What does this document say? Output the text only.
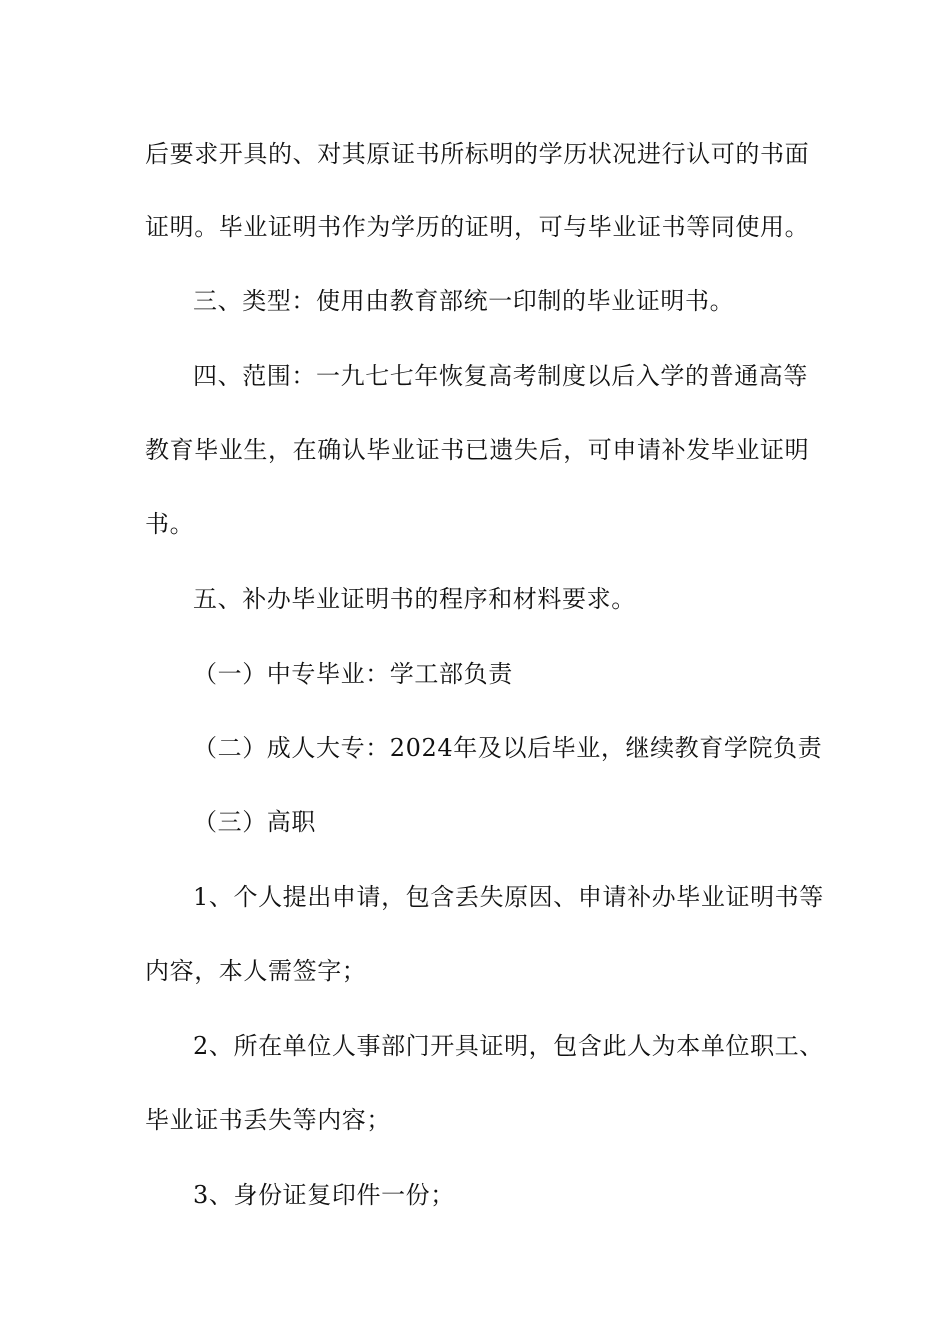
后要求开具的、对其原证书所标明的学历状况进行认可的书面
证明。毕业证明书作为学历的证明，可与毕业证书等同使用。
三、类型：使用由教育部统一印制的毕业证明书。
四、范围：一九七七年恢复高考制度以后入学的普通高等
教育毕业生，在确认毕业证书已遗失后，可申请补发毕业证明
书。
五、补办毕业证明书的程序和材料要求。
（一）中专毕业：学工部负责
（二）成人大专：2024年及以后毕业，继续教育学院负责
（三）高职
1、个人提出申请，包含丢失原因、申请补办毕业证明书等
内容，本人需签字；
2、所在单位人事部门开具证明，包含此人为本单位职工、
毕业证书丢失等内容；
3、身份证复印件一份；
